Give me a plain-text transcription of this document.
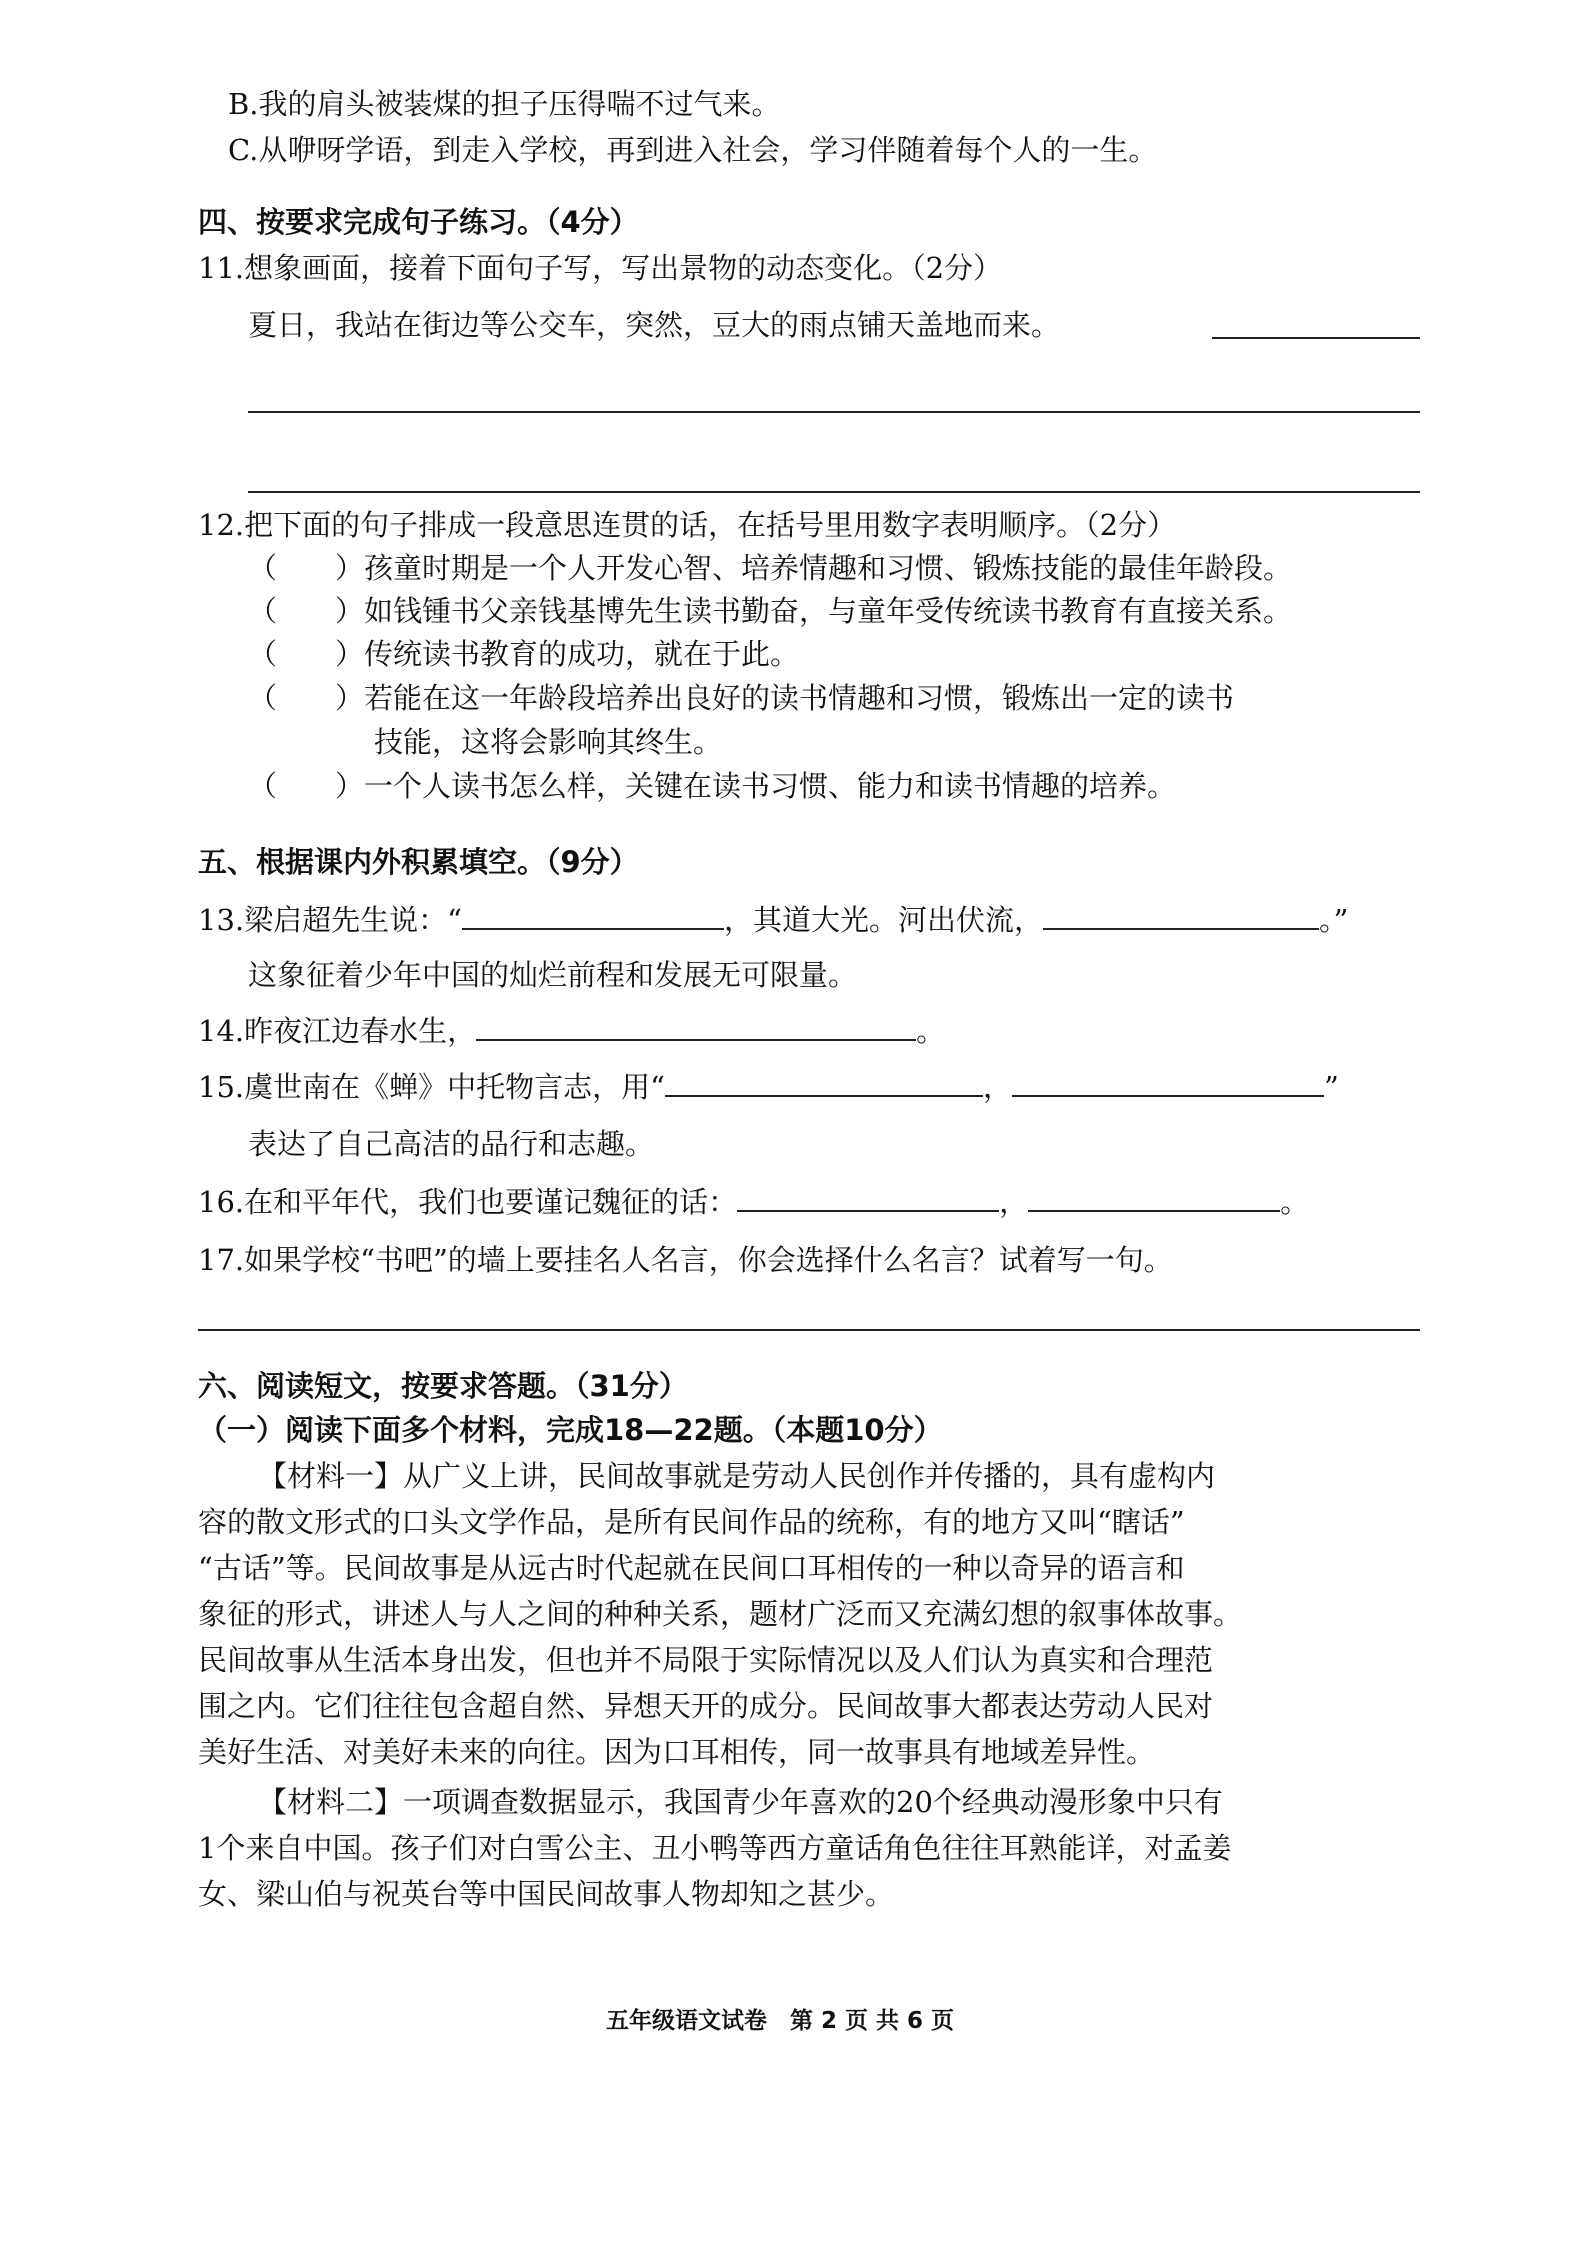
B.我的肩头被装煤的担子压得喘不过气来。
C.从咿呀学语，到走入学校，再到进入社会，学习伴随着每个人的一生。
四、按要求完成句子练习。（4分）
11.想象画面，接着下面句子写，写出景物的动态变化。（2分）
夏日，我站在街边等公交车，突然，豆大的雨点铺天盖地而来。
12.把下面的句子排成一段意思连贯的话，在括号里用数字表明顺序。（2分）
（　　）孩童时期是一个人开发心智、培养情趣和习惯、锻炼技能的最佳年龄段。
（　　）如钱锺书父亲钱基博先生读书勤奋，与童年受传统读书教育有直接关系。
（　　）传统读书教育的成功，就在于此。
（　　）若能在这一年龄段培养出良好的读书情趣和习惯，锻炼出一定的读书
技能，这将会影响其终生。
（　　）一个人读书怎么样，关键在读书习惯、能力和读书情趣的培养。
五、根据课内外积累填空。（9分）
13.梁启超先生说：“	，其道大光。河出伏流，	。”
这象征着少年中国的灿烂前程和发展无可限量。
14.昨夜江边春水生，	。
15.虞世南在《蝉》中托物言志，用“	，	”
表达了自己高洁的品行和志趣。
16.在和平年代，我们也要谨记魏征的话：	，	。
17.如果学校“书吧”的墙上要挂名人名言，你会选择什么名言？试着写一句。
六、阅读短文，按要求答题。（31分）
（一）阅读下面多个材料，完成18—22题。（本题10分）
【材料一】从广义上讲，民间故事就是劳动人民创作并传播的，具有虚构内
容的散文形式的口头文学作品，是所有民间作品的统称，有的地方又叫“瞎话”
“古话”等。民间故事是从远古时代起就在民间口耳相传的一种以奇异的语言和
象征的形式，讲述人与人之间的种种关系，题材广泛而又充满幻想的叙事体故事。
民间故事从生活本身出发，但也并不局限于实际情况以及人们认为真实和合理范
围之内。它们往往包含超自然、异想天开的成分。民间故事大都表达劳动人民对
美好生活、对美好未来的向往。因为口耳相传，同一故事具有地域差异性。
【材料二】一项调查数据显示，我国青少年喜欢的20个经典动漫形象中只有
1个来自中国。孩子们对白雪公主、丑小鸭等西方童话角色往往耳熟能详，对孟姜
女、梁山伯与祝英台等中国民间故事人物却知之甚少。
五年级语文试卷　第 2 页 共 6 页
